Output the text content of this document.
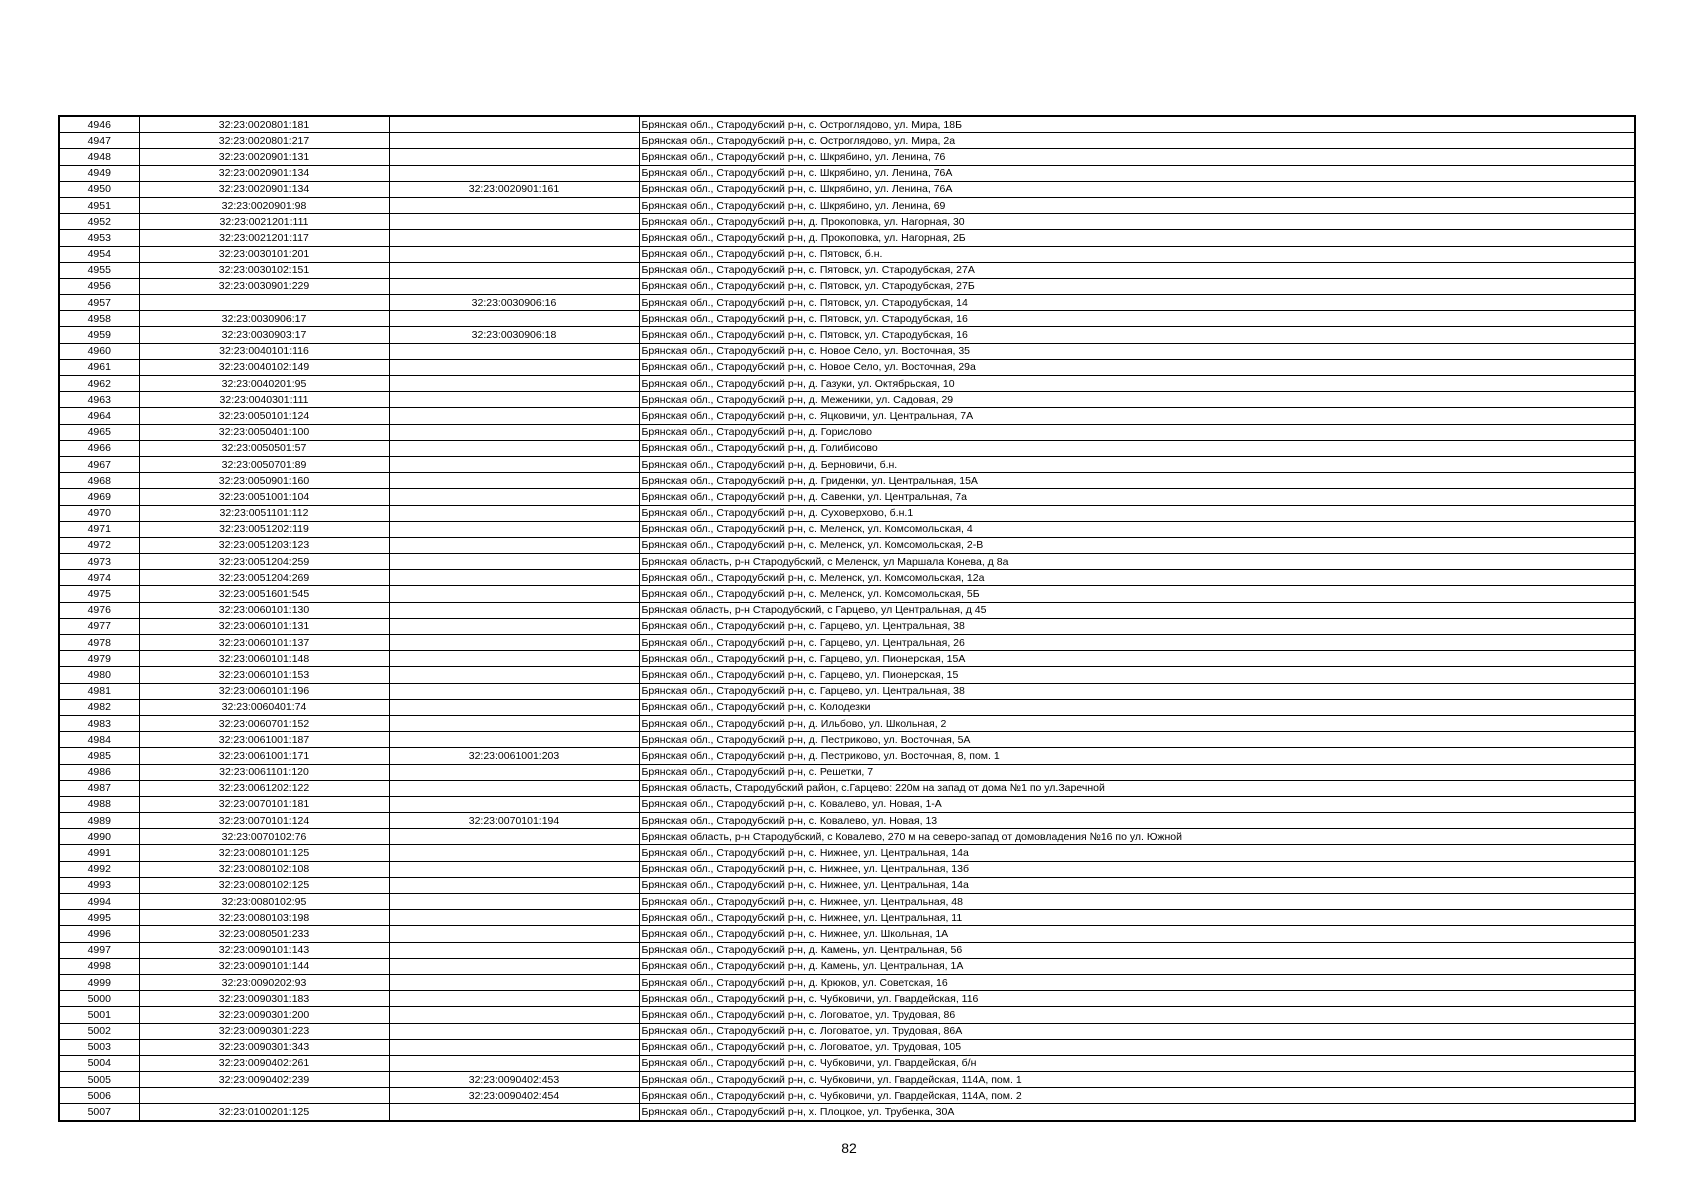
4946	32:23:0020801:181		Брянская обл., Стародубский р-н, с. Остроглядово, ул. Мира, 18Б
4947	32:23:0020801:217		Брянская обл., Стародубский р-н, с. Остроглядово, ул. Мира, 2а
4948	32:23:0020901:131		Брянская обл., Стародубский р-н, с. Шкрябино, ул. Ленина, 76
4949	32:23:0020901:134		Брянская обл., Стародубский р-н, с. Шкрябино, ул. Ленина, 76А
4950	32:23:0020901:134	32:23:0020901:161	Брянская обл., Стародубский р-н, с. Шкрябино, ул. Ленина, 76А
4951	32:23:0020901:98		Брянская обл., Стародубский р-н, с. Шкрябино, ул. Ленина, 69
4952	32:23:0021201:111		Брянская обл., Стародубский р-н, д. Прокоповка, ул. Нагорная, 30
4953	32:23:0021201:117		Брянская обл., Стародубский р-н, д. Прокоповка, ул. Нагорная, 2Б
4954	32:23:0030101:201		Брянская обл., Стародубский р-н, с. Пятовск, б.н.
4955	32:23:0030102:151		Брянская обл., Стародубский р-н, с. Пятовск, ул. Стародубская, 27А
4956	32:23:0030901:229		Брянская обл., Стародубский р-н, с. Пятовск, ул. Стародубская, 27Б
4957		32:23:0030906:16	Брянская обл., Стародубский р-н, с. Пятовск, ул. Стародубская, 14
4958	32:23:0030906:17		Брянская обл., Стародубский р-н, с. Пятовск, ул. Стародубская, 16
4959	32:23:0030903:17	32:23:0030906:18	Брянская обл., Стародубский р-н, с. Пятовск, ул. Стародубская, 16
4960	32:23:0040101:116		Брянская обл., Стародубский р-н, с. Новое Село, ул. Восточная, 35
4961	32:23:0040102:149		Брянская обл., Стародубский р-н, с. Новое Село, ул. Восточная, 29а
4962	32:23:0040201:95		Брянская обл., Стародубский р-н, д. Газуки, ул. Октябрьская, 10
4963	32:23:0040301:111		Брянская обл., Стародубский р-н, д. Меженики, ул. Садовая, 29
4964	32:23:0050101:124		Брянская обл., Стародубский р-н, с. Яцковичи, ул. Центральная, 7А
4965	32:23:0050401:100		Брянская обл., Стародубский р-н, д. Горислово
4966	32:23:0050501:57		Брянская обл., Стародубский р-н, д. Голибисово
4967	32:23:0050701:89		Брянская обл., Стародубский р-н, д. Берновичи, б.н.
4968	32:23:0050901:160		Брянская обл., Стародубский р-н, д. Гриденки, ул. Центральная, 15А
4969	32:23:0051001:104		Брянская обл., Стародубский р-н, д. Савенки, ул. Центральная, 7а
4970	32:23:0051101:112		Брянская обл., Стародубский р-н, д. Суховерхово, б.н.1
4971	32:23:0051202:119		Брянская обл., Стародубский р-н, с. Меленск, ул. Комсомольская, 4
4972	32:23:0051203:123		Брянская обл., Стародубский р-н, с. Меленск, ул. Комсомольская, 2-В
4973	32:23:0051204:259		Брянская область, р-н Стародубский, с Меленск, ул Маршала Конева, д 8а
4974	32:23:0051204:269		Брянская обл., Стародубский р-н, с. Меленск, ул. Комсомольская, 12а
4975	32:23:0051601:545		Брянская обл., Стародубский р-н, с. Меленск, ул. Комсомольская, 5Б
4976	32:23:0060101:130		Брянская область, р-н Стародубский, с Гарцево, ул Центральная, д 45
4977	32:23:0060101:131		Брянская обл., Стародубский р-н, с. Гарцево, ул. Центральная, 38
4978	32:23:0060101:137		Брянская обл., Стародубский р-н, с. Гарцево, ул. Центральная, 26
4979	32:23:0060101:148		Брянская обл., Стародубский р-н, с. Гарцево, ул. Пионерская, 15А
4980	32:23:0060101:153		Брянская обл., Стародубский р-н, с. Гарцево, ул. Пионерская, 15
4981	32:23:0060101:196		Брянская обл., Стародубский р-н, с. Гарцево, ул. Центральная, 38
4982	32:23:0060401:74		Брянская обл., Стародубский р-н, с. Колодезки
4983	32:23:0060701:152		Брянская обл., Стародубский р-н, д. Ильбово, ул. Школьная, 2
4984	32:23:0061001:187		Брянская обл., Стародубский р-н, д. Пестриково, ул. Восточная, 5А
4985	32:23:0061001:171	32:23:0061001:203	Брянская обл., Стародубский р-н, д. Пестриково, ул. Восточная, 8, пом. 1
4986	32:23:0061101:120		Брянская обл., Стародубский р-н, с. Решетки, 7
4987	32:23:0061202:122		Брянская область, Стародубский район, с.Гарцево: 220м на запад от дома №1 по ул.Заречной
4988	32:23:0070101:181		Брянская обл., Стародубский р-н, с. Ковалево, ул. Новая, 1-А
4989	32:23:0070101:124	32:23:0070101:194	Брянская обл., Стародубский р-н, с. Ковалево, ул. Новая, 13
4990	32:23:0070102:76		Брянская область, р-н Стародубский, с Ковалево, 270 м на северо-запад от домовладения №16 по ул. Южной
4991	32:23:0080101:125		Брянская обл., Стародубский р-н, с. Нижнее, ул. Центральная, 14а
4992	32:23:0080102:108		Брянская обл., Стародубский р-н, с. Нижнее, ул. Центральная, 13б
4993	32:23:0080102:125		Брянская обл., Стародубский р-н, с. Нижнее, ул. Центральная, 14а
4994	32:23:0080102:95		Брянская обл., Стародубский р-н, с. Нижнее, ул. Центральная, 48
4995	32:23:0080103:198		Брянская обл., Стародубский р-н, с. Нижнее, ул. Центральная, 11
4996	32:23:0080501:233		Брянская обл., Стародубский р-н, с. Нижнее, ул. Школьная, 1А
4997	32:23:0090101:143		Брянская обл., Стародубский р-н, д. Камень, ул. Центральная, 56
4998	32:23:0090101:144		Брянская обл., Стародубский р-н, д. Камень, ул. Центральная, 1А
4999	32:23:0090202:93		Брянская обл., Стародубский р-н, д. Крюков, ул. Советская, 16
5000	32:23:0090301:183		Брянская обл., Стародубский р-н, с. Чубковичи, ул. Гвардейская, 116
5001	32:23:0090301:200		Брянская обл., Стародубский р-н, с. Логоватое, ул. Трудовая, 86
5002	32:23:0090301:223		Брянская обл., Стародубский р-н, с. Логоватое, ул. Трудовая, 86А
5003	32:23:0090301:343		Брянская обл., Стародубский р-н, с. Логоватое, ул. Трудовая, 105
5004	32:23:0090402:261		Брянская обл., Стародубский р-н, с. Чубковичи, ул. Гвардейская, б/н
5005	32:23:0090402:239	32:23:0090402:453	Брянская обл., Стародубский р-н, с. Чубковичи, ул. Гвардейская, 114А, пом. 1
5006		32:23:0090402:454	Брянская обл., Стародубский р-н, с. Чубковичи, ул. Гвардейская, 114А, пом. 2
5007	32:23:0100201:125		Брянская обл., Стародубский р-н, х. Плоцкое, ул. Трубенка, 30А
82
